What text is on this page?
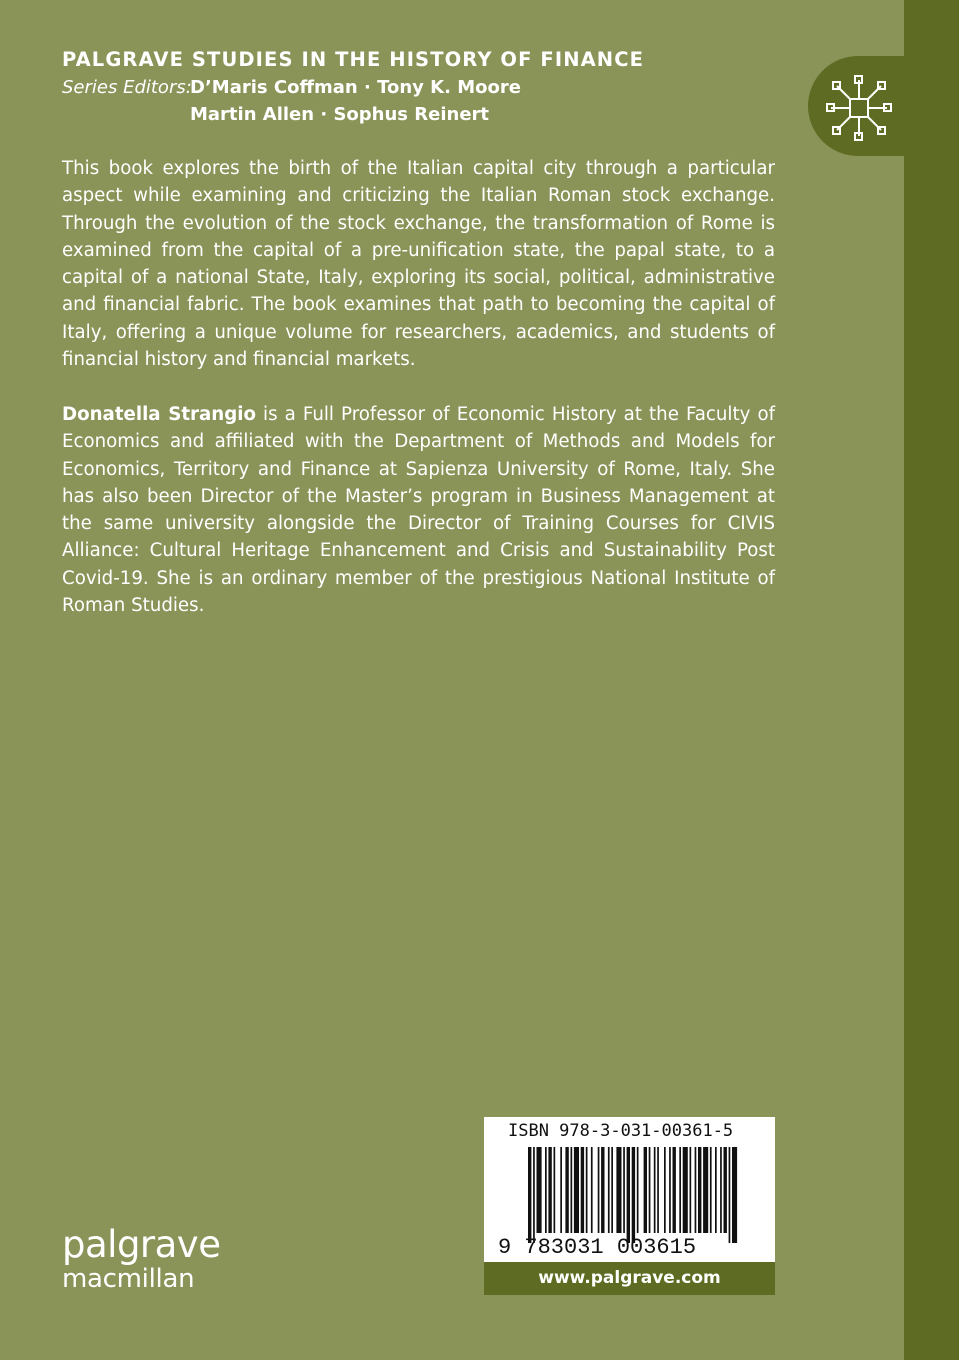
PALGRAVE STUDIES IN THE HISTORY OF FINANCE
Series Editors:
D’Maris Coffman · Tony K. Moore
Martin Allen · Sophus Reinert

This book explores the birth of the Italian capital city through a particular aspect while examining and criticizing the Italian Roman stock exchange. Through the evolution of the stock exchange, the transformation of Rome is examined from the capital of a pre-unification state, the papal state, to a capital of a national State, Italy, exploring its social, political, administrative and financial fabric. The book examines that path to becoming the capital of Italy, offering a unique volume for researchers, academics, and students of financial history and financial markets.

Donatella Strangio is a Full Professor of Economic History at the Faculty of Economics and affiliated with the Department of Methods and Models for Economics, Territory and Finance at Sapienza University of Rome, Italy. She has also been Director of the Master’s program in Business Management at the same university alongside the Director of Training Courses for CIVIS Alliance: Cultural Heritage Enhancement and Crisis and Sustainability Post Covid-19. She is an ordinary member of the prestigious National Institute of Roman Studies.

ISBN 978-3-031-00361-5
9 783031 003615
www.palgrave.com
palgrave
macmillan
